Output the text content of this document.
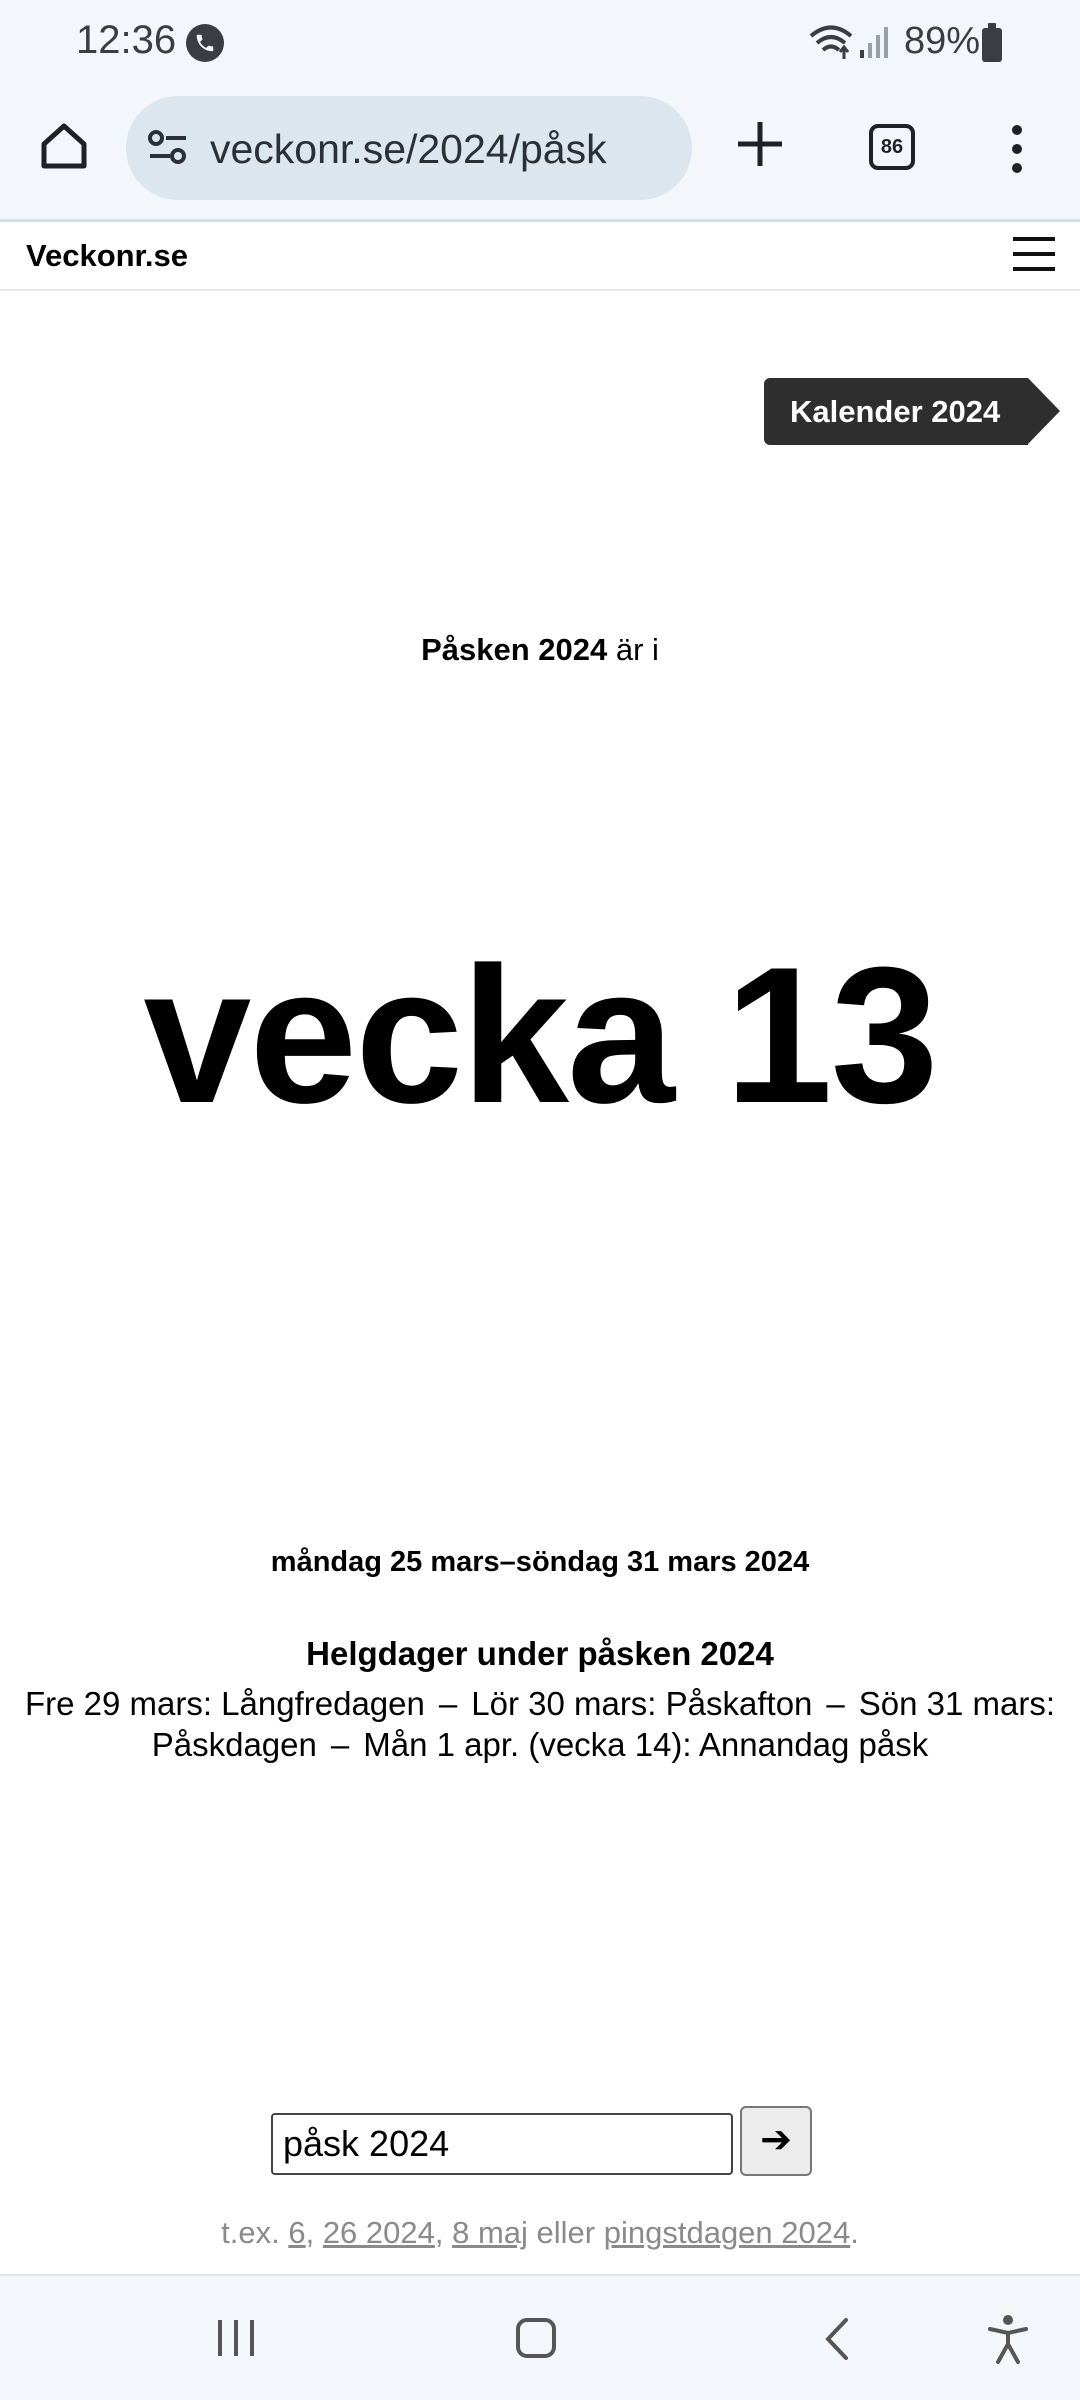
12:36	89%
veckonr.se/2024/påsk	86
Veckonr.se
Kalender 2024
Påsken 2024 är i
vecka 13
måndag 25 mars–söndag 31 mars 2024
Helgdager under påsken 2024
Fre 29 mars: Långfredagen – Lör 30 mars: Påskafton – Sön 31 mars: Påskdagen – Mån 1 apr. (vecka 14): Annandag påsk
påsk 2024
➔
t.ex. 6, 26 2024, 8 maj eller pingstdagen 2024.
